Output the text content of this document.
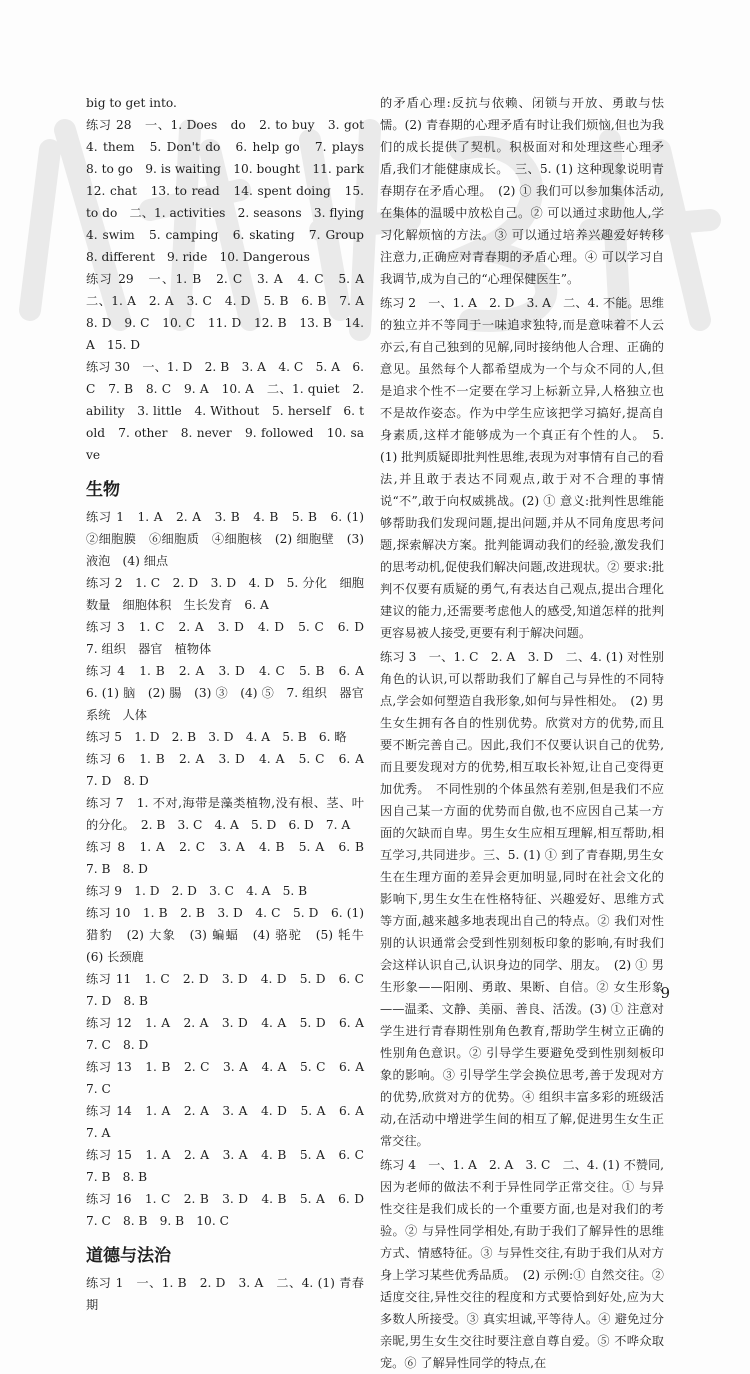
big to get into.

练习 28　一、1. Does　do　2. to buy　3. got　4. them　5. Don't do　6. help go　7. plays　8. to go　9. is waiting　10. bought　11. park　12. chat　13. to read　14. spent doing　15. to do　二、1. activities　2. seasons　3. flying　4. swim　5. camping　6. skating　7. Group　8. different　9. ride　10. Dangerous

练习 29　一、1. B　2. C　3. A　4. C　5. A　二、1. A　2. A　3. C　4. D　5. B　6. B　7. A　8. D　9. C　10. C　11. D　12. B　13. B　14. A　15. D

练习 30　一、1. D　2. B　3. A　4. C　5. A　6. C　7. B　8. C　9. A　10. A　二、1. quiet　2. ability　3. little　4. Without　5. herself　6. told　7. other　8. never　9. followed　10. save

生物

练习 1　1. A　2. A　3. B　4. B　5. B　6. (1) ②细胞膜　⑥细胞质　④细胞核　(2) 细胞壁　(3) 液泡　(4) 细点

练习 2　1. C　2. D　3. D　4. D　5. 分化　细胞数量　细胞体积　生长发育　6. A

练习 3　1. C　2. A　3. D　4. D　5. C　6. D　7. 组织　器官　植物体

练习 4　1. B　2. A　3. D　4. C　5. B　6. A　6. (1) 脑　(2) 腸　(3) ③　(4) ⑤　7. 组织　器官　系统　人体

练习 5　1. D　2. B　3. D　4. A　5. B　6. 略

练习 6　1. B　2. A　3. D　4. A　5. C　6. A　7. D　8. D

练习 7　1. 不对,海带是藻类植物,没有根、茎、叶的分化。　2. B　3. C　4. A　5. D　6. D　7. A

练习 8　1. A　2. C　3. A　4. B　5. A　6. B　7. B　8. D

练习 9　1. D　2. D　3. C　4. A　5. B

练习 10　1. B　2. B　3. D　4. C　5. D　6. (1) 猎豹　(2) 大象　(3) 蝙蝠　(4) 骆驼　(5) 牦牛　(6) 长颈鹿

练习 11　1. C　2. D　3. D　4. D　5. D　6. C　7. D　8. B

练习 12　1. A　2. A　3. D　4. A　5. D　6. A　7. C　8. D

练习 13　1. B　2. C　3. A　4. A　5. C　6. A　7. C

练习 14　1. A　2. A　3. A　4. D　5. A　6. A　7. A

练习 15　1. A　2. A　3. A　4. B　5. A　6. C　7. B　8. B

练习 16　1. C　2. B　3. D　4. B　5. A　6. D　7. C　8. B　9. B　10. C

道德与法治

练习 1　一、1. B　2. D　3. A　二、4. (1) 青春期

的矛盾心理:反抗与依赖、闭锁与开放、勇敢与怯懦。(2) 青春期的心理矛盾有时让我们烦恼,但也为我们的成长提供了契机。积极面对和处理这些心理矛盾,我们才能健康成长。　三、5. (1) 这种现象说明青春期存在矛盾心理。　(2) ① 我们可以参加集体活动,在集体的温暖中放松自己。② 可以通过求助他人,学习化解烦恼的方法。③ 可以通过培养兴趣爱好转移注意力,正确应对青春期的矛盾心理。④ 可以学习自我调节,成为自己的“心理保健医生”。

练习 2　一、1. A　2. D　3. A　二、4. 不能。思维的独立并不等同于一味追求独特,而是意味着不人云亦云,有自己独到的见解,同时接纳他人合理、正确的意见。虽然每个人都希望成为一个与众不同的人,但是追求个性不一定要在学习上标新立异,人格独立也不是故作姿态。作为中学生应该把学习搞好,提高自身素质,这样才能够成为一个真正有个性的人。　5. (1) 批判质疑即批判性思维,表现为对事情有自己的看法,并且敢于表达不同观点,敢于对不合理的事情说“不”,敢于向权威挑战。(2) ① 意义:批判性思维能够帮助我们发现问题,提出问题,并从不同角度思考问题,探索解决方案。批判能调动我们的经验,激发我们的思考动机,促使我们解决问题,改进现状。② 要求:批判不仅要有质疑的勇气,有表达自己观点,提出合理化建议的能力,还需要考虑他人的感受,知道怎样的批判更容易被人接受,更要有利于解决问题。

练习 3　一、1. C　2. A　3. D　二、4. (1) 对性别角色的认识,可以帮助我们了解自己与异性的不同特点,学会如何塑造自我形象,如何与异性相处。　(2) 男生女生拥有各自的性别优势。欣赏对方的优势,而且要不断完善自己。因此,我们不仅要认识自己的优势,而且要发现对方的优势,相互取长补短,让自己变得更加优秀。　不同性别的个体虽然有差别,但是我们不应因自己某一方面的优势而自傲,也不应因自己某一方面的欠缺而自卑。男生女生应相互理解,相互帮助,相互学习,共同进步。三、5. (1) ① 到了青春期,男生女生在生理方面的差异会更加明显,同时在社会文化的影响下,男生女生在性格特征、兴趣爱好、思维方式等方面,越来越多地表现出自己的特点。② 我们对性别的认识通常会受到性别刻板印象的影响,有时我们会这样认识自己,认识身边的同学、朋友。　(2) ① 男生形象——阳刚、勇敢、果断、自信。② 女生形象——温柔、文静、美丽、善良、活泼。(3) ① 注意对学生进行青春期性别角色教育,帮助学生树立正确的性别角色意识。② 引导学生要避免受到性别刻板印象的影响。③ 引导学生学会换位思考,善于发现对方的优势,欣赏对方的优势。④ 组织丰富多彩的班级活动,在活动中增进学生间的相互了解,促进男生女生正常交往。

练习 4　一、1. A　2. A　3. C　二、4. (1) 不赞同,因为老师的做法不利于异性同学正常交往。① 与异性交往是我们成长的一个重要方面,也是对我们的考验。② 与异性同学相处,有助于我们了解异性的思维方式、情感特征。③ 与异性交往,有助于我们从对方身上学习某些优秀品质。　(2) 示例:① 自然交往。② 适度交往,异性交往的程度和方式要恰到好处,应为大多数人所接受。③ 真实坦诚,平等待人。④ 避免过分亲昵,男生女生交往时要注意自尊自爱。⑤ 不哗众取宠。⑥ 了解异性同学的特点,在

9
